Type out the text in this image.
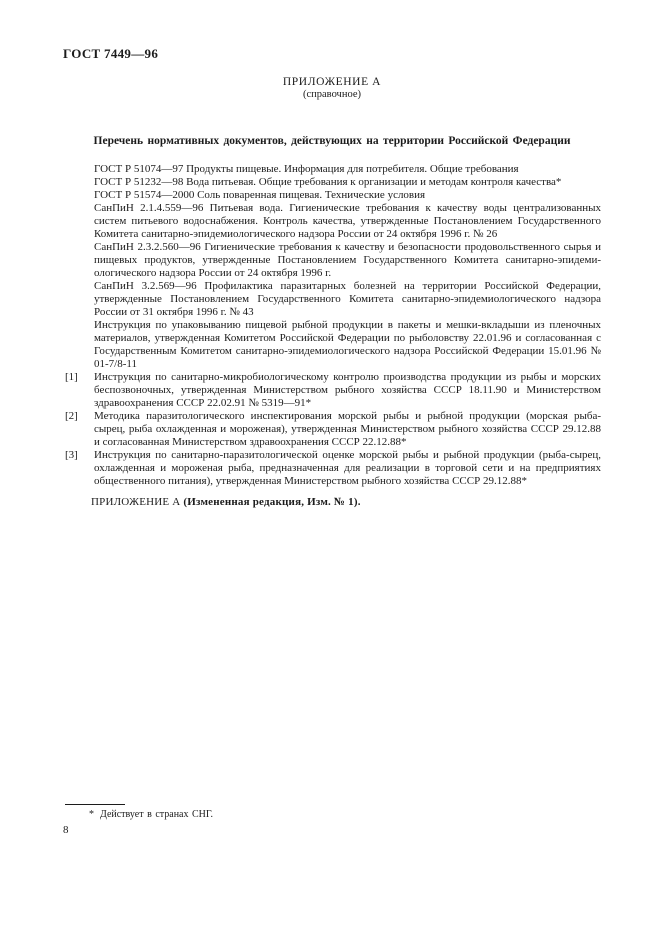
ГОСТ 7449—96
ПРИЛОЖЕНИЕ А
(справочное)
Перечень нормативных документов, действующих на территории Российской Федерации
ГОСТ Р 51074—97 Продукты пищевые. Информация для потребителя. Общие требования
ГОСТ Р 51232—98 Вода питьевая. Общие требования к организации и методам контроля качества*
ГОСТ Р 51574—2000 Соль поваренная пищевая. Технические условия
СанПиН 2.1.4.559—96 Питьевая вода. Гигиенические требования к качеству воды централизованных систем питьевого водоснабжения. Контроль качества, утвержденные Постановлением Государственного Комитета санитарно-эпидемиологического надзора России от 24 октября 1996 г. № 26
СанПиН 2.3.2.560—96 Гигиенические требования к качеству и безопасности продовольственного сырья и пищевых продуктов, утвержденные Постановлением Государственного Комитета санитарно-эпидемиологического надзора России от 24 октября 1996 г.
СанПиН 3.2.569—96 Профилактика паразитарных болезней на территории Российской Федерации, утвержденные Постановлением Государственного Комитета санитарно-эпидемиологического надзора России от 31 октября 1996 г. № 43
Инструкция по упаковыванию пищевой рыбной продукции в пакеты и мешки-вкладыши из пленочных материалов, утвержденная Комитетом Российской Федерации по рыболовству 22.01.96 и согласованная с Государственным Комитетом санитарно-эпидемиологического надзора Российской Федерации 15.01.96 № 01-7/8-11
[1] Инструкция по санитарно-микробиологическому контролю производства продукции из рыбы и морских беспозвоночных, утвержденная Министерством рыбного хозяйства СССР 18.11.90 и Министерством здравоохранения СССР 22.02.91 № 5319—91*
[2] Методика паразитологического инспектирования морской рыбы и рыбной продукции (морская рыба-сырец, рыба охлажденная и мороженая), утвержденная Министерством рыбного хозяйства СССР 29.12.88 и согласованная Министерством здравоохранения СССР 22.12.88*
[3] Инструкция по санитарно-паразитологической оценке морской рыбы и рыбной продукции (рыба-сырец, охлажденная и мороженая рыба, предназначенная для реализации в торговой сети и на предприятиях общественного питания), утвержденная Министерством рыбного хозяйства СССР 29.12.88*
ПРИЛОЖЕНИЕ А (Измененная редакция, Изм. № 1).
* Действует в странах СНГ.
8
